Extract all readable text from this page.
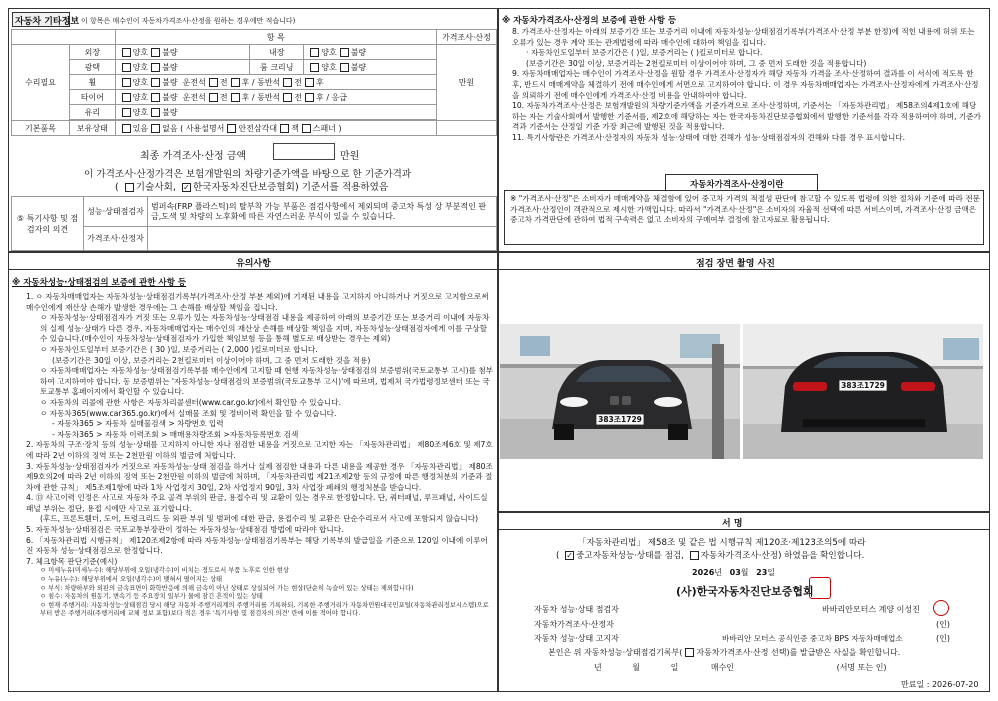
자동차 기타정보
( 이 항목은 매수인이 자동차가격조사·산정을 원하는 경우에만 적습니다)
		항 목			가격조사·산정
수리필요	외장	양호 불량	내장	양호 불량	만원
	광택	양호 불량	룸 크리닝	양호 불량	
	휠	양호 불량 운전석 전 후 / 동반석 전 후			
	타이어	양호 불량 운전석 전 후 / 동반석 전 후 / 응급			
	유리	양호 불량			

기본품목	보유상태	있음 없음 ( 사용설명서 안전삼각대 잭 스패너 )			
최종 가격조사·산정 금액	만원
이 가격조사·산정가격은 보험개발원의 차량기준가액을 바탕으로 한 기준가격과
( 기술사회, ✓ 한국자동차진단보증협회) 기준서를 적용하였음
⑤ 특기사항 및 점검자의 의견	성능·상태점검자	범퍼속(FRP 플라스틱)의 탈부착 가능 부품은 점검사항에서 제외되며 중고차 특성 상 부분적인 판금,도색 및 차량의 노후화에 따른 자연스러운 부식이 있을 수 있습니다.
	가격조사·산정자	
※ 자동차가격조사·산정의 보증에 관한 사항 등

8. 가격조사·산정자는 아래의 보증기간 또는 보증거리 이내에 자동차성능·상태점검기록부(가격조사·산정 부분 한정)에 적힌 내용에 허위 또는 오류가 있는 경우 계약 또는 관계법령에 따라 매수인에 대하여 책임을 집니다.

· 자동차인도일부터 보증기간은 ( )일, 보증거리는 ( )킬로미터로 합니다.

(보증기간은 30일 이상, 보증거리는 2천킬로미터 이상이어야 하며, 그 중 먼저 도래한 것을 적용합니다)

9. 자동차매매업자는 매수인이 가격조사·산정을 원할 경우 가격조사·산정자가 해당 자동차 가격을 조사·산정하여 결과를 이 서식에 적도록 한 후, 반드시 매매계약을 체결하기 전에 매수인에게 서면으로 고지하여야 합니다. 이 경우 자동차매매업자는 가격조사·산정자에게 가격조사·산정을 의뢰하기 전에 매수인에게 가격조사·산정 비용을 안내하여야 합니다.

10. 자동차가격조사·산정은 보험개발원의 차량기준가액을 기준가격으로 조사·산정하며, 기준서는 「자동차관리법」 제58조의4제1호에 해당하는 자는 기술사회에서 발행한 기준서를, 제2호에 해당하는 자는 한국자동차진단보증협회에서 발행한 기준서를 각각 적용하여야 하며, 기준가격과 기준서는 산정일 기준 가장 최근에 발행된 것을 적용합니다.

11. 특기사항란은 가격조사·산정자의 자동차 성능·상태에 대한 견해가 성능·상태점검자의 견해와 다를 경우 표시합니다.

자동차가격조사·산정이란
※ "가격조사·산정"은 소비자가 매매계약을 체결함에 있어 중고차 가격의 적절성 판단에 참고할 수 있도록 법령에 의한 절차와 기준에 따라 전문 가격조사·산정인이 객관적으로 제시한 가액입니다. 따라서 "가격조사·산정"은 소비자의 자율적 선택에 따른 서비스이며, 가격조사·산정 금액은 중고차 가격판단에 관하여 법적 구속력은 없고 소비자의 구매여부 결정에 참고자료로 활용됩니다.
유의사항
※ 자동차성능·상태점검의 보증에 관한 사항 등

1. ㅇ 자동차매매업자는 자동차성능·상태점검기록부(가격조사·산정 부분 제외)에 기재된 내용을 고지하지 아니하거나 거짓으로 고지함으로써 매수인에게 재산상 손해가 발생한 경우에는 그 손해를 배상할 책임을 집니다.

ㅇ 자동차성능·상태점검자가 거짓 또는 오류가 있는 자동차성능·상태점검 내용을 제공하여 아래의 보증기간 또는 보증거리 이내에 자동차의 실제 성능·상태가 다른 경우, 자동차매매업자는 매수인의 재산상 손해를 배상할 책임을 지며, 자동차성능·상태점검자에게 이를 구상할 수 있습니다.(매수인이 자동차성능·상태점검자가 가입한 책임보험 등을 통해 별도로 배상받는 경우는 제외)

ㅇ 자동차인도일부터 보증기간은 ( 30 )일, 보증거리는 ( 2,000 )킬로미터로 합니다.

(보증기간은 30일 이상, 보증거리는 2천킬로미터 이상이어야 하며, 그 중 먼저 도래한 것을 적용)

ㅇ 자동차매매업자는 자동차성능·상태점검기록부를 매수인에게 고지할 때 현행 자동차성능·상태점검의 보증범위(국토교통부 고시)를 첨부하여 고지하여야 합니다. 동 보증범위는 '자동차성능·상태점검의 보증범위(국토교통부 고시)'에 따르며, 법제처 국가법령정보센터 또는 국토교통부 홈페이지에서 확인할 수 있습니다.

ㅇ 자동차의 리콜에 관한 사항은 자동차리콜센터(www.car.go.kr)에서 확인할 수 있습니다.

ㅇ 자동차365(www.car365.go.kr)에서 실매물 조회 및 정비이력 확인을 할 수 있습니다.

- 자동차365 > 자동차 실매물검색 > 차량번호 입력

- 자동차365 > 자동차 이력조회 > 매매용차량조회 >자동차등록번호 검색

2. 자동차의 구조·장치 등의 성능·상태를 고지하지 아니한 자나 점검한 내용을 거짓으로 고지한 자는 「자동차관리법」 제80조제6호 및 제7호에 따라 2년 이하의 징역 또는 2천만원 이하의 벌금에 처합니다.

3. 자동차성능·상태점검자가 거짓으로 자동차성능·상태 점검을 하거나 실제 점검한 내용과 다른 내용을 제공한 경우 「자동차관리법」 제80조제9호의2에 따라 2년 이하의 징역 또는 2천만원 이하의 벌금에 처하며, 「자동차관리법 제21조제2항 등의 규정에 따른 행정처분의 기준과 절차에 관한 규칙」 제5조제1항에 따라 1차 사업정지 30일, 2차 사업정지 90일, 3차 사업장 폐쇄의 행정처분을 받습니다.

4. ⑬ 사고이력 인정은 사고로 자동차 주요 골격 부위의 판금, 용접수리 및 교환이 있는 경우로 한정합니다. 단, 쿼터패널, 루프패널, 사이드실패널 부위는 절단, 용접 시에만 사고로 표기합니다.

(후드, 프론트휀더, 도어, 트렁크리드 등 외판 부위 및 범퍼에 대한 판금, 용접수리 및 교환은 단순수리로서 사고에 포함되지 않습니다)

5. 자동차성능·상태점검은 국토교통부장관이 정하는 자동차성능·상태점검 방법에 따라야 합니다.

6. 「자동차관리법 시행규칙」 제120조제2항에 따라 자동차성능·상태점검기록부는 해당 기록부의 발급일을 기준으로 120일 이내에 이루어진 자동차 성능·상태점검으로 한정합니다.

7. 체크항목 판단기준(예시)

ㅇ 미세누유(미세누수): 해당부위에 오일(냉각수)이 비치는 정도로서 부품 노후로 인한 현상

ㅇ 누유(누수): 해당부위에서 오일(냉각수)이 맺혀서 떨어지는 상태

ㅇ 부식: 차량하부와 외판의 금속표면이 화학반응에 의해 금속이 아닌 상태로 상실되어 가는 현상(단순히 녹슬어 있는 상태는 제외합니다)

ㅇ 침수: 자동차의 원동기, 변속기 등 주요장치 일부가 물에 잠긴 흔적이 있는 상태

ㅇ 현재 주행거리: 자동차성능·상태점검 당시 해당 자동차 주행거리계의 주행거리를 기록하되, 기록한 주행거리가 자동차민원대국민포털(자동차관리정보시스템)으로부터 받은 주행거리(주행거리에 교체 정보 포함)보다 적은 경우 '특기사항 및 점검자의 의견' 란에 이를 적어야 합니다.

점검 장면 촬영 사진
383조1729
383조1729
서 명
「자동차관리법」 제58조 및 같은 법 시행규칙 제120조·제123조의5에 따라
( ✓ 중고자동차성능·상태를 점검, 자동차가격조사·산정) 하였음을 확인합니다.
2026년 03월 23일
(사)한국자동차진단보증협회
자동차 성능·상태 점검자	바바리안모터스 계양 이성진
자동차가격조사·산정자	(인)
자동차 성능·상태 고지자	바바리안 모터스 공식인증 중고차 BPS 자동차매매업소	(인)
본인은 위 자동차성능·상태점검기록부( 자동차가격조사·산정 선택)를 발급받은 사실을 확인합니다.
년	월	일	매수인	(서명 또는 인)
만료일 : 2026-07-20
